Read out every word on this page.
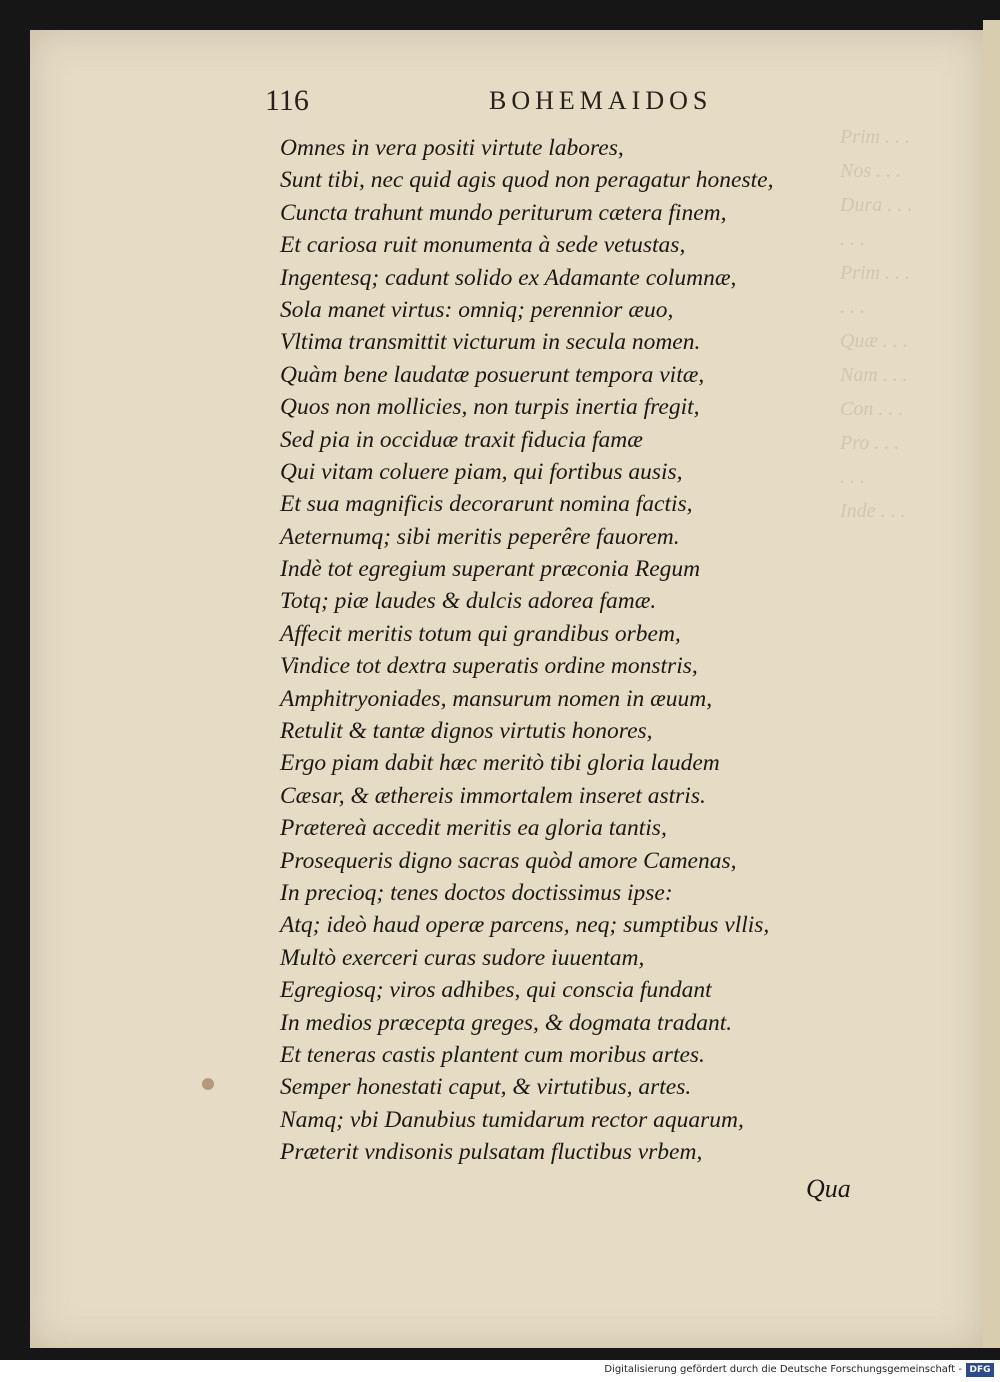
Prim . . .
Nos . . .
Dura . . .
. . .
Prim . . .
. . .
Quæ . . .
Nam . . .
Con . . .
Pro . . .
. . .
Inde . . .
116	BOHEMAIDOS
Omnes in vera positi virtute labores,
Sunt tibi, nec quid agis quod non peragatur honeste,
Cuncta trahunt mundo periturum cætera finem,
Et cariosa ruit monumenta à sede vetustas,
Ingentesq; cadunt solido ex Adamante columnæ,
Sola manet virtus: omniq; perennior æuo,
Vltima transmittit victurum in secula nomen.
Quàm bene laudatæ posuerunt tempora vitæ,
Quos non mollicies, non turpis inertia fregit,
Sed pia in occiduæ traxit fiducia famæ
Qui vitam coluere piam, qui fortibus ausis,
Et sua magnificis decorarunt nomina factis,
Aeternumq; sibi meritis peperêre fauorem.
Indè tot egregium superant præconia Regum
Totq; piæ laudes & dulcis adorea famæ.
Affecit meritis totum qui grandibus orbem,
Vindice tot dextra superatis ordine monstris,
Amphitryoniades, mansurum nomen in æuum,
Retulit & tantæ dignos virtutis honores,
Ergo piam dabit hæc meritò tibi gloria laudem
Cæsar, & æthereis immortalem inseret astris.
Prætereà accedit meritis ea gloria tantis,
Prosequeris digno sacras quòd amore Camenas,
In precioq; tenes doctos doctissimus ipse:
Atq; ideò haud operæ parcens, neq; sumptibus vllis,
Multò exerceri curas sudore iuuentam,
Egregiosq; viros adhibes, qui conscia fundant
In medios præcepta greges, & dogmata tradant.
Et teneras castis plantent cum moribus artes.
Semper honestati caput, & virtutibus, artes.
Namq; vbi Danubius tumidarum rector aquarum,
Præterit vndisonis pulsatam fluctibus vrbem,
Qua
Digitalisierung gefördert durch die Deutsche Forschungsgemeinschaft - DFG
